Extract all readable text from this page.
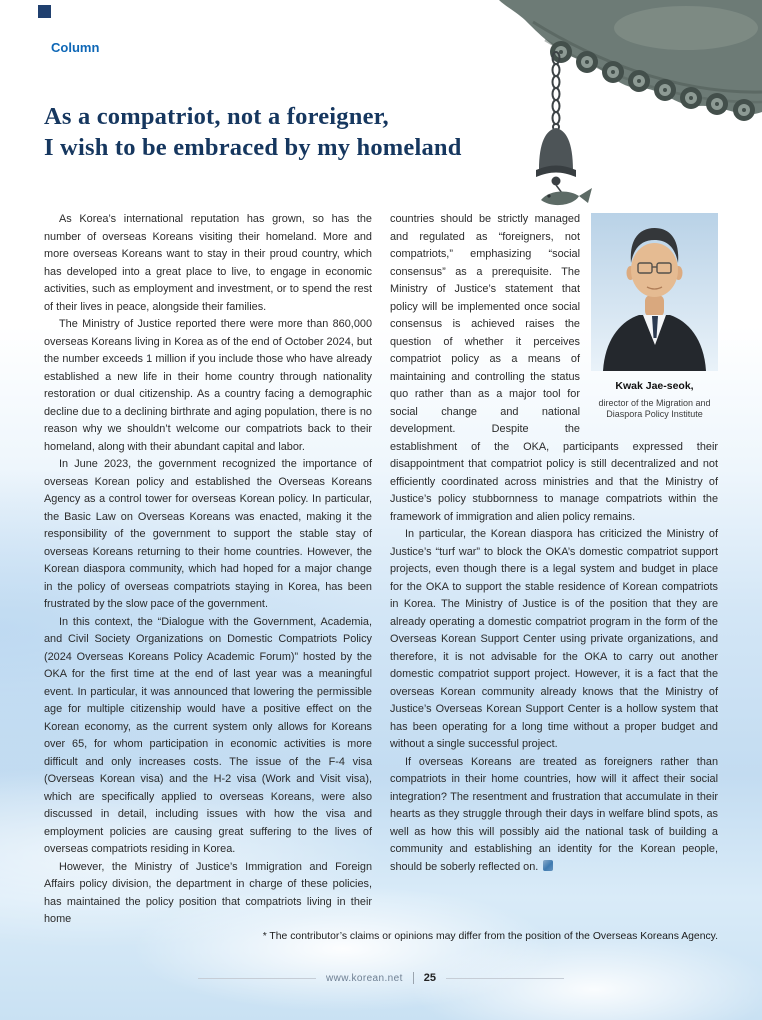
Column
As a compatriot, not a foreigner,
I wish to be embraced by my homeland

As Korea’s international reputation has grown, so has the number of overseas Koreans visiting their homeland. More and more overseas Koreans want to stay in their proud country, which has developed into a great place to live, to engage in economic activities, such as employment and investment, or to spend the rest of their lives in peace, alongside their families.

The Ministry of Justice reported there were more than 860,000 overseas Koreans living in Korea as of the end of October 2024, but the number exceeds 1 million if you include those who have already established a new life in their home country through nationality restoration or dual citizenship. As a country facing a demographic decline due to a declining birthrate and aging population, there is no reason why we shouldn’t welcome our compatriots back to their homeland, along with their abundant capital and labor.

In June 2023, the government recognized the importance of overseas Korean policy and established the Overseas Koreans Agency as a control tower for overseas Korean policy. In particular, the Basic Law on Overseas Koreans was enacted, making it the responsibility of the government to support the stable stay of overseas Koreans returning to their home countries. However, the Korean diaspora community, which had hoped for a major change in the policy of overseas compatriots staying in Korea, has been frustrated by the slow pace of the government.

In this context, the “Dialogue with the Government, Academia, and Civil Society Organizations on Domestic Compatriots Policy (2024 Overseas Koreans Policy Academic Forum)” hosted by the OKA for the first time at the end of last year was a meaningful event. In particular, it was announced that lowering the permissible age for multiple citizenship would have a positive effect on the Korean economy, as the current system only allows for Koreans over 65, for whom participation in economic activities is more difficult and only increases costs. The issue of the F-4 visa (Overseas Korean visa) and the H-2 visa (Work and Visit visa), which are specifically applied to overseas Koreans, were also discussed in detail, including issues with how the visa and employment policies are causing great suffering to the lives of overseas compatriots residing in Korea.

However, the Ministry of Justice’s Immigration and Foreign Affairs policy division, the department in charge of these policies, has maintained the policy position that compatriots living in their home

Kwak Jae-seok,
director of the Migration and Diaspora Policy Institute

countries should be strictly managed and regulated as “foreigners, not compatriots,” emphasizing “social consensus” as a prerequisite. The Ministry of Justice’s statement that policy will be implemented once social consensus is achieved raises the question of whether it perceives compatriot policy as a means of maintaining and controlling the status quo rather than as a major tool for social change and national development. Despite the establishment of the OKA, participants expressed their disappointment that compatriot policy is still decentralized and not efficiently coordinated across ministries and that the Ministry of Justice’s policy stubbornness to manage compatriots within the framework of immigration and alien policy remains.

In particular, the Korean diaspora has criticized the Ministry of Justice’s “turf war” to block the OKA’s domestic compatriot support projects, even though there is a legal system and budget in place for the OKA to support the stable residence of Korean compatriots in Korea. The Ministry of Justice is of the position that they are already operating a domestic compatriot program in the form of the Overseas Korean Support Center using private organizations, and therefore, it is not advisable for the OKA to carry out another domestic compatriot support project. However, it is a fact that the overseas Korean community already knows that the Ministry of Justice’s Overseas Korean Support Center is a hollow system that has been operating for a long time without a proper budget and without a single successful project.

If overseas Koreans are treated as foreigners rather than compatriots in their home countries, how will it affect their social integration? The resentment and frustration that accumulate in their hearts as they struggle through their days in welfare blind spots, as well as how this will possibly aid the national task of building a community and establishing an identity for the Korean people, should be soberly reflected on.

* The contributor’s claims or opinions may differ from the position of the Overseas Koreans Agency.
www.korean.net 25
